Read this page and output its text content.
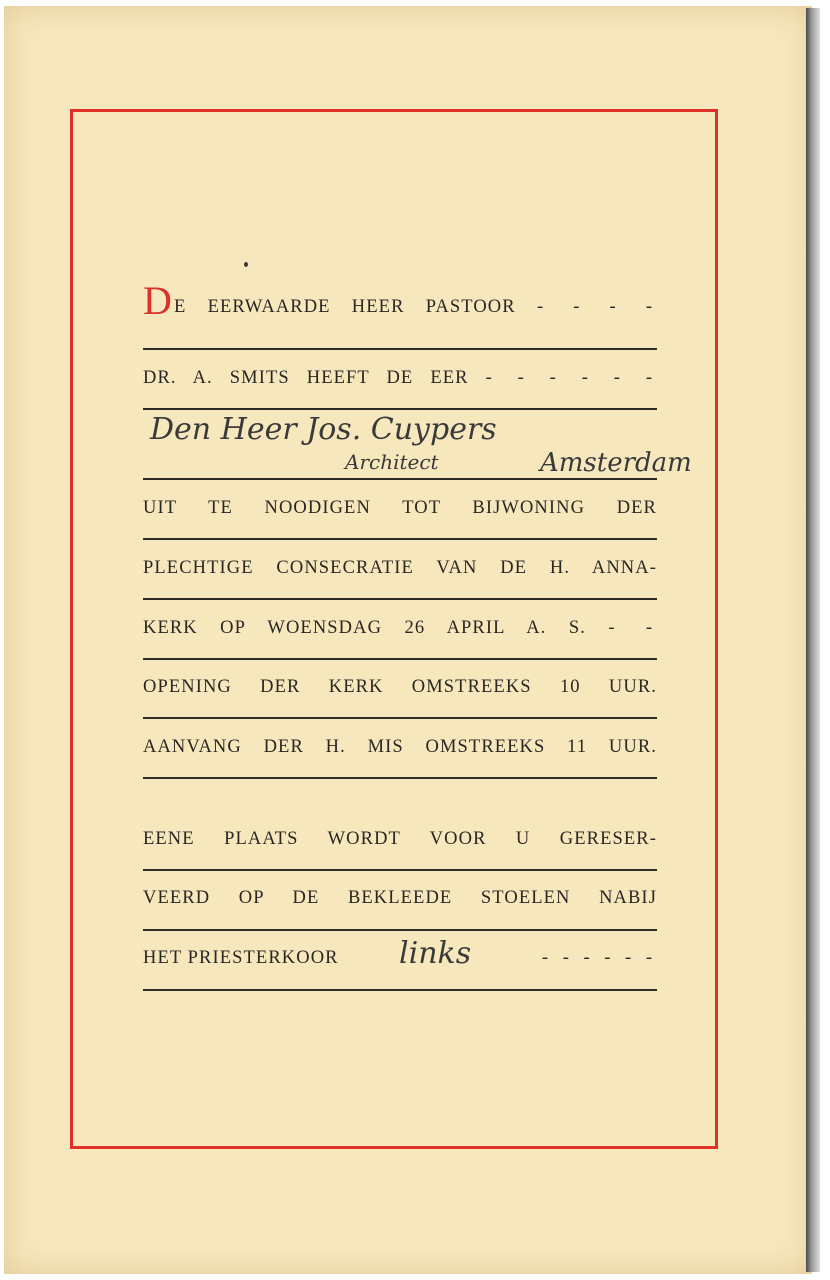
DE EERWAARDE HEER PASTOOR - - - -
DR. A. SMITS HEEFT DE EER - - - - - -
Den Heer Jos. Cuypers
Architect	Amsterdam
UIT TE NOODIGEN TOT BIJWONING DER
PLECHTIGE CONSECRATIE VAN DE H. ANNA-
KERK OP WOENSDAG 26 APRIL A. S. - -
OPENING DER KERK OMSTREEKS 10 UUR.
AANVANG DER H. MIS OMSTREEKS 11 UUR.
EENE PLAATS WORDT VOOR U GERESER-
VEERD OP DE BEKLEEDE STOELEN NABIJ
HET PRIESTERKOOR	links	- - - - - -
